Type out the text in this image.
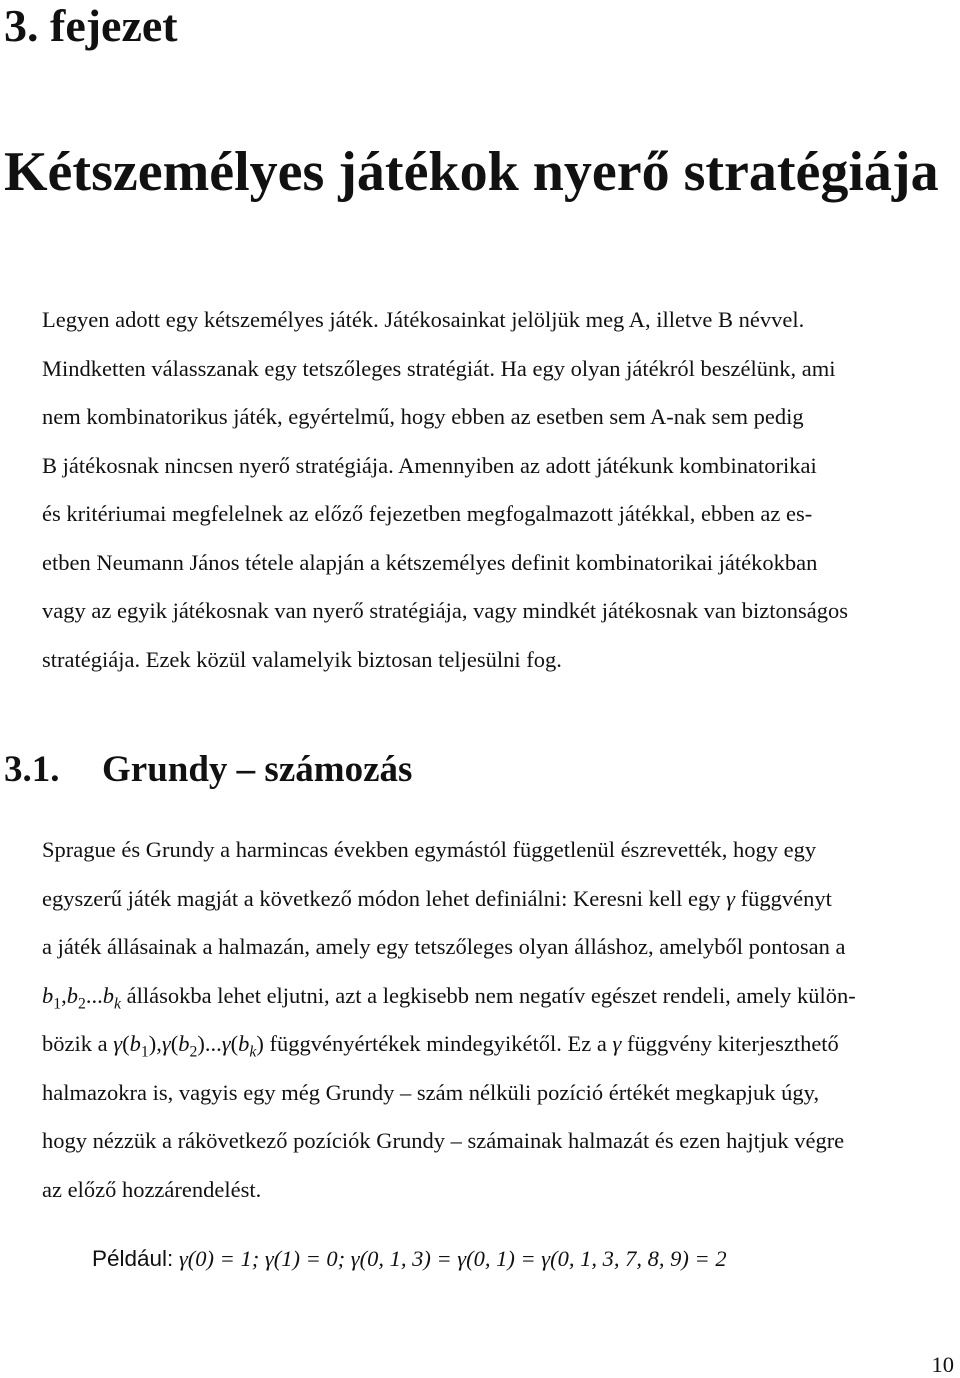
3. fejezet
Kétszemélyes játékok nyerő stratégiája
Legyen adott egy kétszemélyes játék. Játékosainkat jelöljük meg A, illetve B névvel.
Mindketten válasszanak egy tetszőleges stratégiát. Ha egy olyan játékról beszélünk, ami
nem kombinatorikus játék, egyértelmű, hogy ebben az esetben sem A-nak sem pedig
B játékosnak nincsen nyerő stratégiája. Amennyiben az adott játékunk kombinatorikai
és kritériumai megfelelnek az előző fejezetben megfogalmazott játékkal, ebben az es-
etben Neumann János tétele alapján a kétszemélyes definit kombinatorikai játékokban
vagy az egyik játékosnak van nyerő stratégiája, vagy mindkét játékosnak van biztonságos
stratégiája. Ezek közül valamelyik biztosan teljesülni fog.
3.1. Grundy – számozás
Sprague és Grundy a harmincas években egymástól függetlenül észrevették, hogy egy
egyszerű játék magját a következő módon lehet definiálni: Keresni kell egy γ függvényt
a játék állásainak a halmazán, amely egy tetszőleges olyan álláshoz, amelyből pontosan a
$b_1,b_2...b_k$ állásokba lehet eljutni, azt a legkisebb nem negatív egészet rendeli, amely külön-
bözik a $\gamma(b_1),\gamma(b_2)...\gamma(b_k)$ függvényértékek mindegyikétől. Ez a γ függvény kiterjeszthető
halmazokra is, vagyis egy még Grundy – szám nélküli pozíció értékét megkapjuk úgy,
hogy nézzük a rákövetkező pozíciók Grundy – számainak halmazát és ezen hajtjuk végre
az előző hozzárendelést.
Például: γ(0) = 1; γ(1) = 0; γ(0, 1, 3) = γ(0, 1) = γ(0, 1, 3, 7, 8, 9) = 2
10
